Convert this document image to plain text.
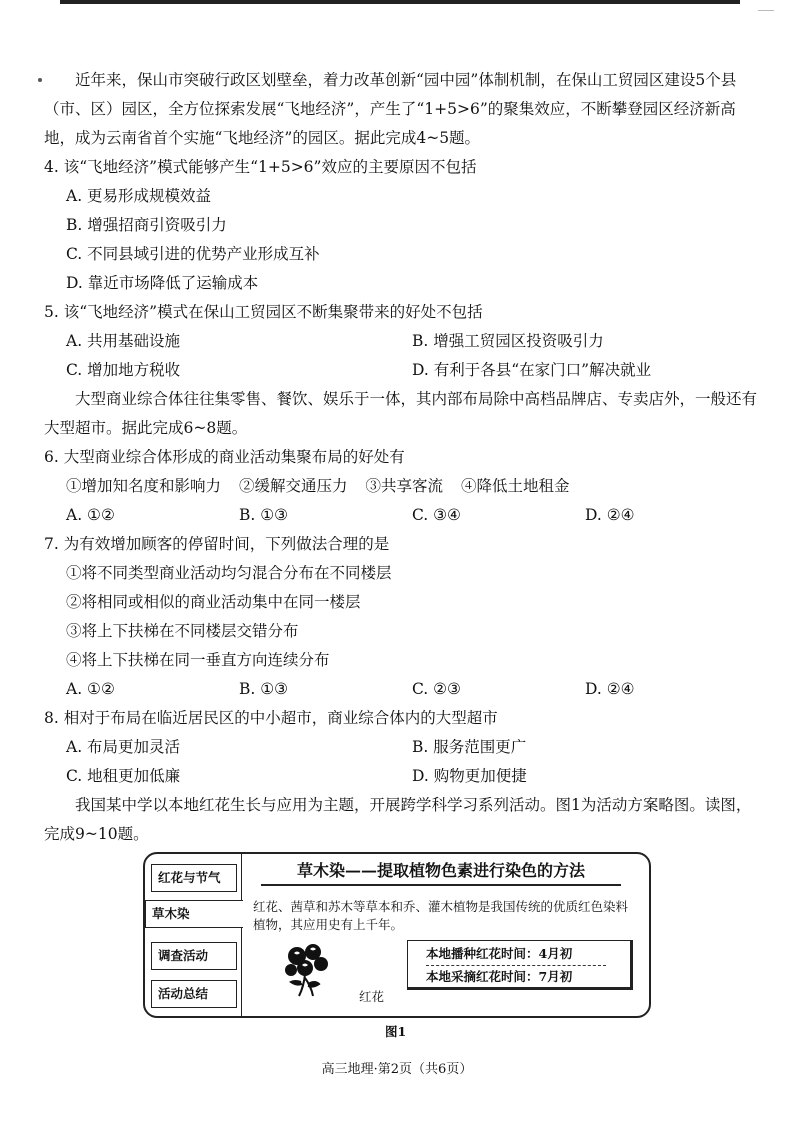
近年来，保山市突破行政区划壁垒，着力改革创新“园中园”体制机制，在保山工贸园区建设5个县（市、区）园区，全方位探索发展“飞地经济”，产生了“1+5>6”的聚集效应，不断攀登园区经济新高地，成为云南省首个实施“飞地经济”的园区。据此完成4~5题。

4. 该“飞地经济”模式能够产生“1+5>6”效应的主要原因不包括

A. 更易形成规模效益

B. 增强招商引资吸引力

C. 不同县域引进的优势产业形成互补

D. 靠近市场降低了运输成本

5. 该“飞地经济”模式在保山工贸园区不断集聚带来的好处不包括

A. 共用基础设施	B. 增强工贸园区投资吸引力
C. 增加地方税收	D. 有利于各县“在家门口”解决就业

大型商业综合体往往集零售、餐饮、娱乐于一体，其内部布局除中高档品牌店、专卖店外，一般还有大型超市。据此完成6~8题。

6. 大型商业综合体形成的商业活动集聚布局的好处有

①增加知名度和影响力 ②缓解交通压力 ③共享客流 ④降低土地租金
A. ①②	B. ①③	C. ③④	D. ②④

7. 为有效增加顾客的停留时间，下列做法合理的是

①将不同类型商业活动均匀混合分布在不同楼层

②将相同或相似的商业活动集中在同一楼层

③将上下扶梯在不同楼层交错分布

④将上下扶梯在同一垂直方向连续分布

A. ①②	B. ①③	C. ②③	D. ②④

8. 相对于布局在临近居民区的中小超市，商业综合体内的大型超市

A. 布局更加灵活	B. 服务范围更广
C. 地租更加低廉	D. 购物更加便捷

我国某中学以本地红花生长与应用为主题，开展跨学科学习系列活动。图1为活动方案略图。读图，完成9~10题。

红花与节气
草木染
调查活动
活动总结
草木染——提取植物色素进行染色的方法
红花、茜草和苏木等草本和乔、灌木植物是我国传统的优质红色染料植物，其应用史有上千年。
红花
本地播种红花时间：4月初
本地采摘红花时间：7月初
图1
高三地理·第2页（共6页）
